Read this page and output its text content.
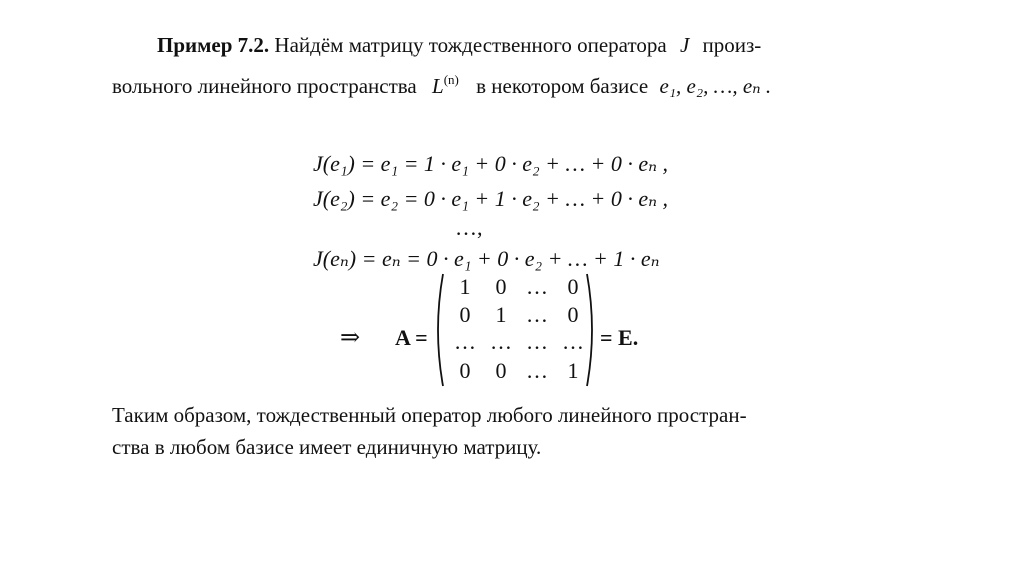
Пример 7.2. Найдём матрицу тождественного оператора J произ-
вольного линейного пространства $L^{(n)}$ в некотором базисе e₁, e₂, …, eₙ .
J(e₁) = e₁ = 1 · e₁ + 0 · e₂ + … + 0 · eₙ ,
J(e₂) = e₂ = 0 · e₁ + 1 · e₂ + … + 0 · eₙ ,
…,
J(eₙ) = eₙ = 0 · e₁ + 0 · e₂ + … + 1 · eₙ
⇒ A =
1	0 … 0
0	1 … 0
… … … …
0	0 … 1
= E.
Таким образом, тождественный оператор любого линейного простран-
ства в любом базисе имеет единичную матрицу.
